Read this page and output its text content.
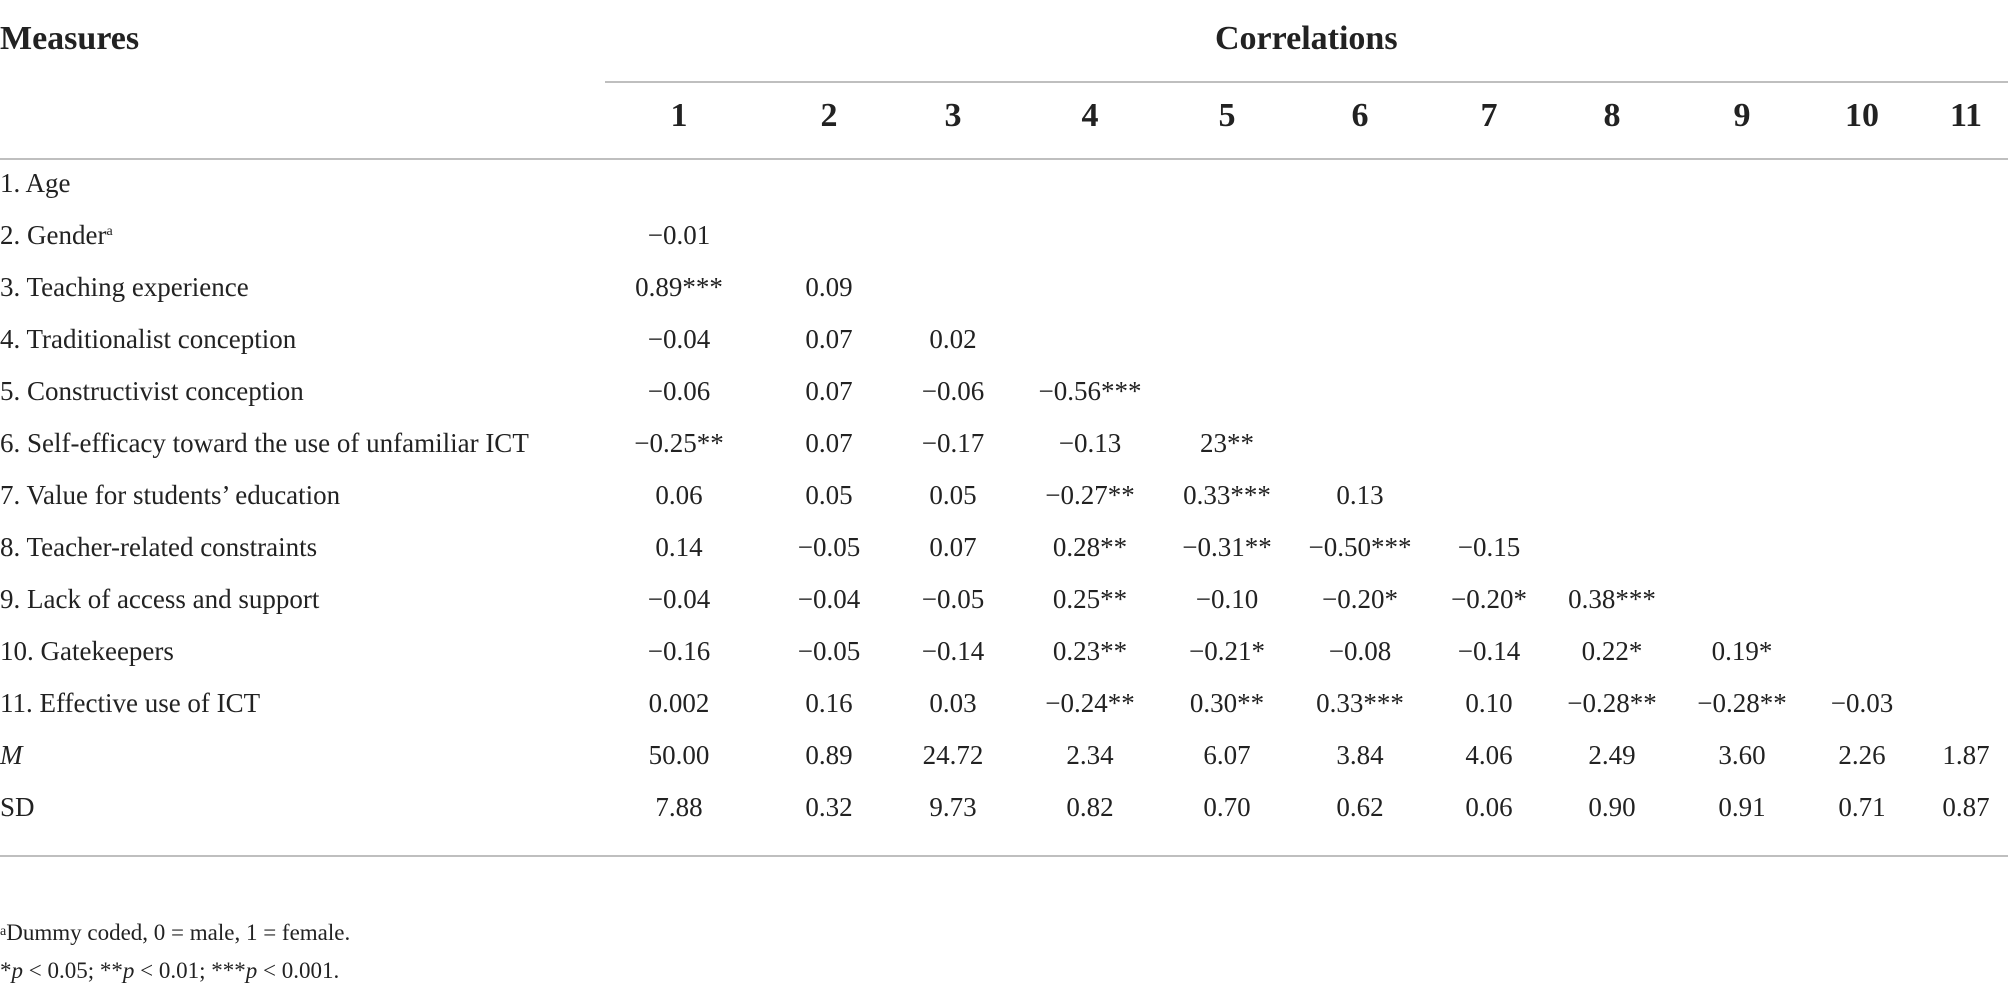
Measures	Correlations
1	2	3	4	5	6	7	8	9	10	11
1. Age
2. Gender$^a$	−0.01
3. Teaching experience	0.89***	0.09
4. Traditionalist conception	−0.04	0.07	0.02
5. Constructivist conception	−0.06	0.07	−0.06	−0.56***
6. Self-efficacy toward the use of unfamiliar ICT	−0.25**	0.07	−0.17	−0.13	23**
7. Value for students’ education	0.06	0.05	0.05	−0.27**	0.33***	0.13
8. Teacher-related constraints	0.14	−0.05	0.07	0.28**	−0.31**	−0.50***	−0.15
9. Lack of access and support	−0.04	−0.04	−0.05	0.25**	−0.10	−0.20*	−0.20*	0.38***
10. Gatekeepers	−0.16	−0.05	−0.14	0.23**	−0.21*	−0.08	−0.14	0.22*	0.19*
11. Effective use of ICT	0.002	0.16	0.03	−0.24**	0.30**	0.33***	0.10	−0.28**	−0.28**	−0.03
M	50.00	0.89	24.72	2.34	6.07	3.84	4.06	2.49	3.60	2.26	1.87
SD	7.88	0.32	9.73	0.82	0.70	0.62	0.06	0.90	0.91	0.71	0.87
$^a$Dummy coded, 0 = male, 1 = female.
*p < 0.05; **p < 0.01; ***p < 0.001.
